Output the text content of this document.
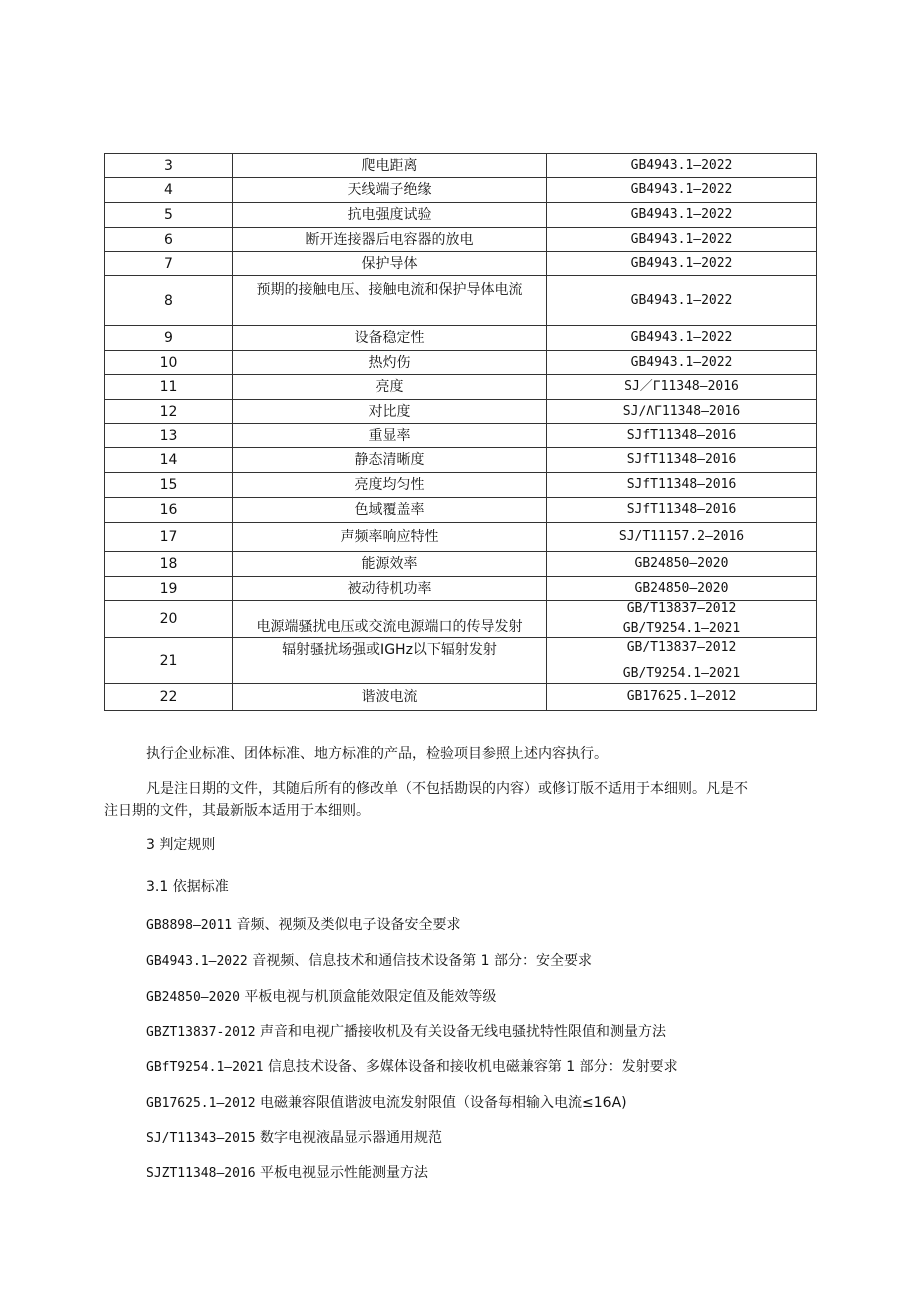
3	爬电距离	GB4943.1—2022

4	天线端子绝缘	GB4943.1—2022

5	抗电强度试验	GB4943.1—2022

6	断开连接器后电容器的放电	GB4943.1—2022

7	保护导体	GB4943.1—2022

8	预期的接触电压、接触电流和保护导体电流	GB4943.1—2022

9	设备稳定性	GB4943.1—2022

10	热灼伤	GB4943.1—2022

11	亮度	SJ／Γ11348—2016

12	对比度	SJ∕ΛΓ11348—2016

13	重显率	SJfT11348—2016

14	静态清晰度	SJfT11348—2016

15	亮度均匀性	SJfT11348—2016

16	色域覆盖率	SJfT11348—2016

17	声频率响应特性	SJ/T11157.2—2016

18	能源效率	GB24850—2020

19	被动待机功率	GB24850—2020

20	电源端骚扰电压或交流电源端口的传导发射	GB/T13837—2012
GB/T9254.1—2021

21	辐射骚扰场强或IGHz以下辐射发射	GB/T13837—2012
GB/T9254.1—2021

22	谐波电流	GB17625.1—2012

执行企业标准、团体标准、地方标准的产品，检验项目参照上述内容执行。

凡是注日期的文件，其随后所有的修改单（不包括勘误的内容）或修订版不适用于本细则。凡是不
注日期的文件，其最新版本适用于本细则。

3 判定规则

3.1 依据标准

GB8898—2011 音频、视频及类似电子设备安全要求

GB4943.1—2022 音视频、信息技术和通信技术设备第 1 部分：安全要求

GB24850—2020 平板电视与机顶盒能效限定值及能效等级

GBZT13837-2012 声音和电视广播接收机及有关设备无线电骚扰特性限值和测量方法

GBfT9254.1—2021 信息技术设备、多媒体设备和接收机电磁兼容第 1 部分：发射要求

GB17625.1—2012 电磁兼容限值谐波电流发射限值（设备每相输入电流≤16A)

SJ/T11343—2015 数字电视液晶显示器通用规范

SJZT11348—2016 平板电视显示性能测量方法
